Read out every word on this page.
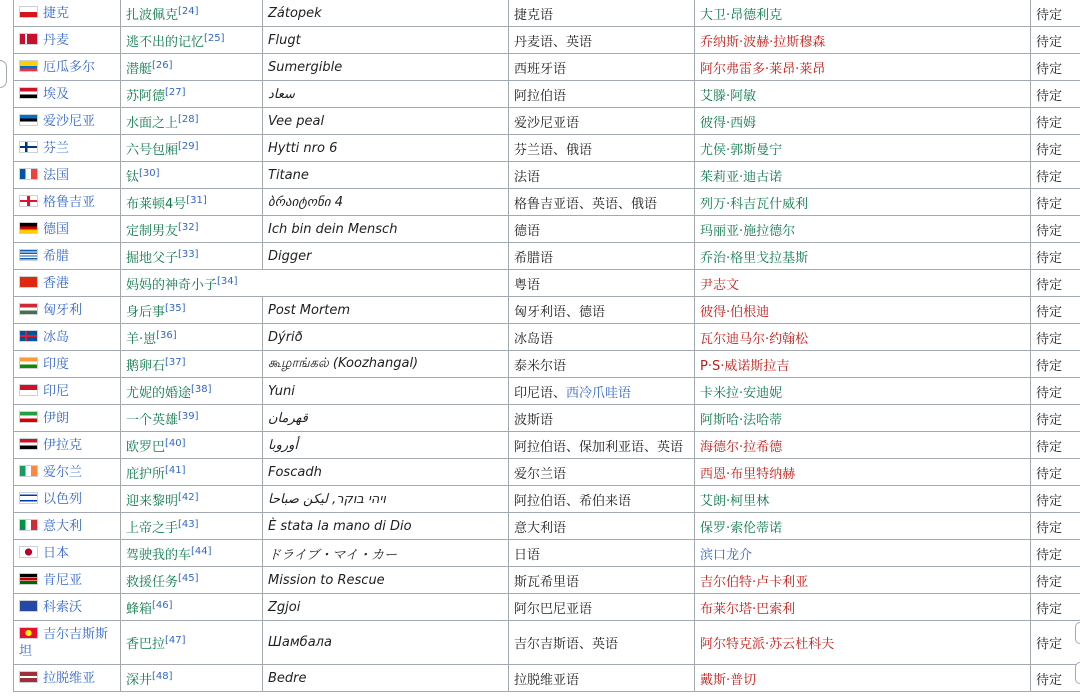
捷克	扎波佩克[24]	Zátopek	捷克语	大卫·昂德利克	待定
丹麦	逃不出的记忆[25]	Flugt	丹麦语、英语	乔纳斯·波赫·拉斯穆森	待定
厄瓜多尔	潜艇[26]	Sumergible	西班牙语	阿尔弗雷多·莱昂·莱昂	待定
埃及	苏阿德[27]	سعاد	阿拉伯语	艾滕·阿敏	待定
爱沙尼亚	水面之上[28]	Vee peal	爱沙尼亚语	彼得·西姆	待定
芬兰	六号包厢[29]	Hytti nro 6	芬兰语、俄语	尤侯·郭斯曼宁	待定
法国	钛[30]	Titane	法语	茱莉亚·迪古诺	待定
格鲁吉亚	布莱顿4号[31]	ბრაიტონი 4	格鲁吉亚语、英语、俄语	列万·科吉瓦什威利	待定
德国	定制男友[32]	Ich bin dein Mensch	德语	玛丽亚·施拉德尔	待定
希腊	掘地父子[33]	Digger	希腊语	乔治·格里戈拉基斯	待定
香港	妈妈的神奇小子[34]		粤语	尹志文	待定
匈牙利	身后事[35]	Post Mortem	匈牙利语、德语	彼得·伯根迪	待定
冰岛	羊·崽[36]	Dýrið	冰岛语	瓦尔迪马尔·约翰松	待定
印度	鹅卵石[37]	கூழாங்கல் (Koozhangal)	泰米尔语	P·S·威诺斯拉吉	待定
印尼	尤妮的婚途[38]	Yuni	印尼语、西冷爪哇语	卡米拉·安迪妮	待定
伊朗	一个英雄[39]	قهرمان	波斯语	阿斯哈·法哈蒂	待定
伊拉克	欧罗巴[40]	أوروبا	阿拉伯语、保加利亚语、英语	海德尔·拉希德	待定
爱尔兰	庇护所[41]	Foscadh	爱尔兰语	西恩·布里特纳赫	待定
以色列	迎来黎明[42]	ויהי בוקר, ليكن صباحا	阿拉伯语、希伯来语	艾朗·柯里林	待定
意大利	上帝之手[43]	È stata la mano di Dio	意大利语	保罗·索伦蒂诺	待定
日本	驾驶我的车[44]	ドライブ・マイ・カー	日语	滨口龙介	待定
肯尼亚	救援任务[45]	Mission to Rescue	斯瓦希里语	吉尔伯特·卢卡利亚	待定
科索沃	蜂箱[46]	Zgjoi	阿尔巴尼亚语	布莱尔塔·巴索利	待定
吉尔吉斯斯坦	香巴拉[47]	Шамбала	吉尔吉斯语、英语	阿尔特克派·苏云杜科夫	待定
拉脱维亚	深井[48]	Bedre	拉脱维亚语	戴斯·普切	待定
